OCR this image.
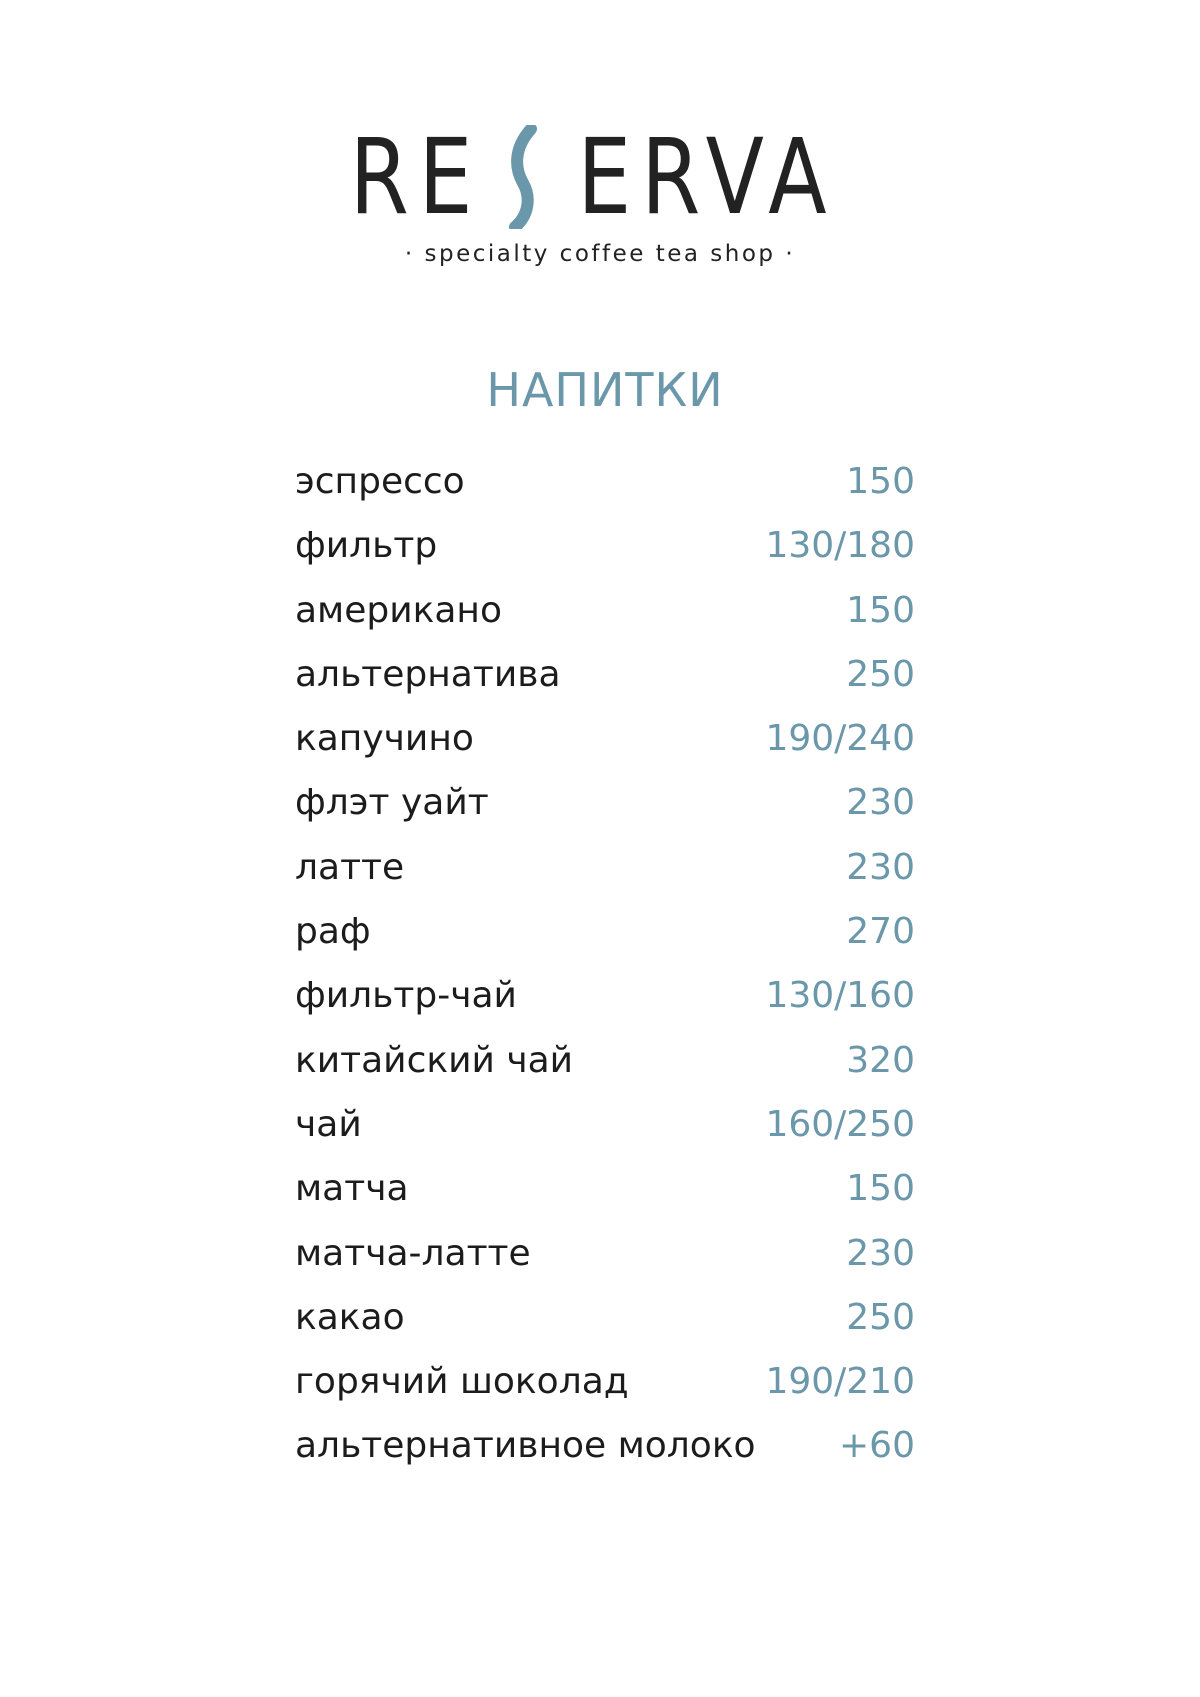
RE ERVA
· specialty coffee tea shop ·
НАПИТКИ
эспрессо	150
фильтр	130/180
американо	150
альтернатива	250
капучино	190/240
флэт уайт	230
латте	230
раф	270
фильтр-чай	130/160
китайский чай	320
чай	160/250
матча	150
матча-латте	230
какао	250
горячий шоколад	190/210
альтернативное молоко +60
